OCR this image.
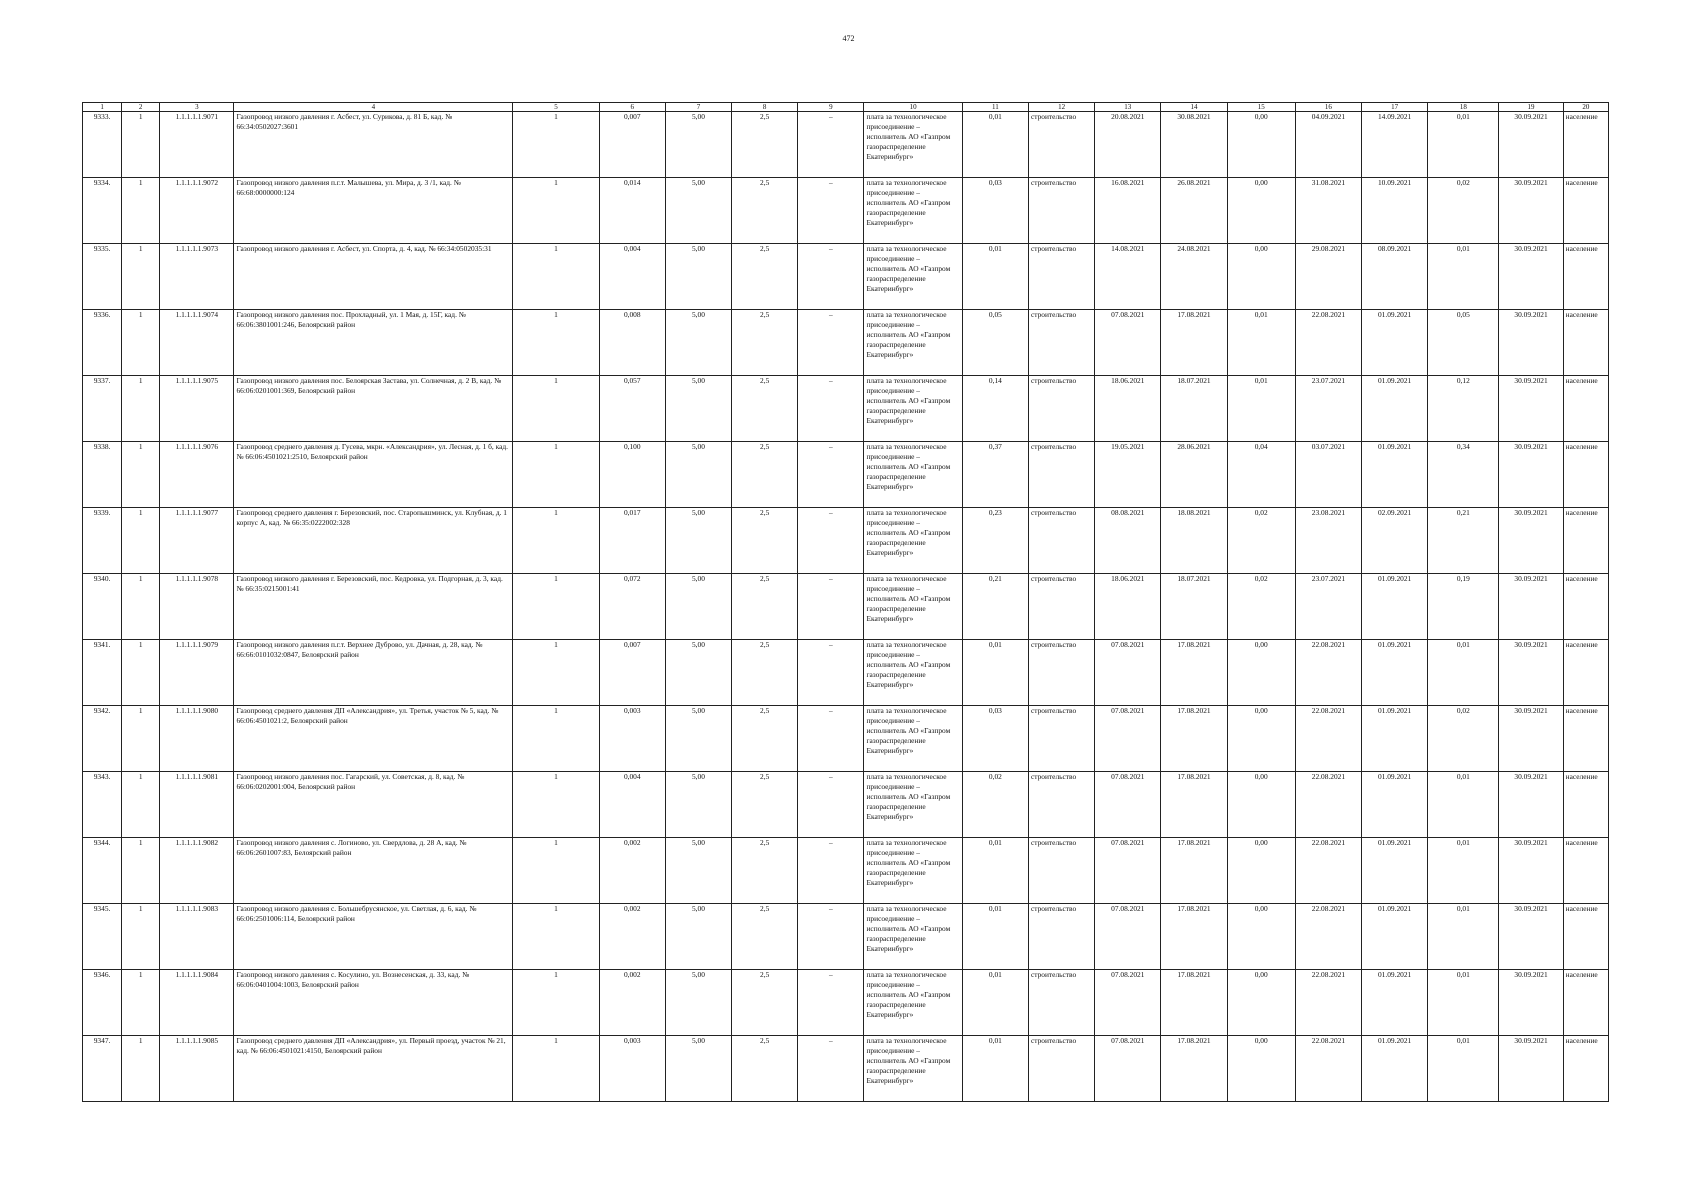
472
1	2	3	4	5	6	7	8	9	10	11	12	13	14	15	16	17	18	19	20
9333.	1	1.1.1.1.1.9071	Газопровод низкого давления г. Асбест, ул. Сурикова, д. 81 Б, кад. № 66:34:0502027:3601	1	0,007	5,00	2,5	–	плата за технологическое присоединение – исполнитель АО «Газпром газораспределение Екатеринбург»	0,01	строительство	20.08.2021	30.08.2021	0,00	04.09.2021	14.09.2021	0,01	30.09.2021	население
9334.	1	1.1.1.1.1.9072	Газопровод низкого давления п.г.т. Малышева, ул. Мира, д. 3 /1, кад. № 66:68:0000000:124	1	0,014	5,00	2,5	–	плата за технологическое присоединение – исполнитель АО «Газпром газораспределение Екатеринбург»	0,03	строительство	16.08.2021	26.08.2021	0,00	31.08.2021	10.09.2021	0,02	30.09.2021	население
9335.	1	1.1.1.1.1.9073	Газопровод низкого давления г. Асбест, ул. Спорта, д. 4, кад. № 66:34:0502035:31	1	0,004	5,00	2,5	–	плата за технологическое присоединение – исполнитель АО «Газпром газораспределение Екатеринбург»	0,01	строительство	14.08.2021	24.08.2021	0,00	29.08.2021	08.09.2021	0,01	30.09.2021	население
9336.	1	1.1.1.1.1.9074	Газопровод низкого давления пос. Прохладный, ул. 1 Мая, д. 15Г, кад. № 66:06:3801001:246, Белоярский район	1	0,008	5,00	2,5	–	плата за технологическое присоединение – исполнитель АО «Газпром газораспределение Екатеринбург»	0,05	строительство	07.08.2021	17.08.2021	0,01	22.08.2021	01.09.2021	0,05	30.09.2021	население
9337.	1	1.1.1.1.1.9075	Газопровод низкого давления пос. Белоярская Застава, ул. Солнечная, д. 2 В, кад. № 66:06:0201001:369, Белоярский район	1	0,057	5,00	2,5	–	плата за технологическое присоединение – исполнитель АО «Газпром газораспределение Екатеринбург»	0,14	строительство	18.06.2021	18.07.2021	0,01	23.07.2021	01.09.2021	0,12	30.09.2021	население
9338.	1	1.1.1.1.1.9076	Газопровод среднего давления д. Гусева, мкрн. «Александрия», ул. Лесная, д. 1 б, кад. № 66:06:4501021:2510, Белоярский район	1	0,100	5,00	2,5	–	плата за технологическое присоединение – исполнитель АО «Газпром газораспределение Екатеринбург»	0,37	строительство	19.05.2021	28.06.2021	0,04	03.07.2021	01.09.2021	0,34	30.09.2021	население
9339.	1	1.1.1.1.1.9077	Газопровод среднего давления г. Березовский, пос. Старопышминск, ул. Клубная, д. 1 корпус А, кад. № 66:35:0222002:328	1	0,017	5,00	2,5	–	плата за технологическое присоединение – исполнитель АО «Газпром газораспределение Екатеринбург»	0,23	строительство	08.08.2021	18.08.2021	0,02	23.08.2021	02.09.2021	0,21	30.09.2021	население
9340.	1	1.1.1.1.1.9078	Газопровод низкого давления г. Березовский, пос. Кедровка, ул. Подгорная, д. 3, кад. № 66:35:0215001:41	1	0,072	5,00	2,5	–	плата за технологическое присоединение – исполнитель АО «Газпром газораспределение Екатеринбург»	0,21	строительство	18.06.2021	18.07.2021	0,02	23.07.2021	01.09.2021	0,19	30.09.2021	население
9341.	1	1.1.1.1.1.9079	Газопровод низкого давления п.г.т. Верхнее Дуброво, ул. Дачная, д. 28, кад. № 66:66:0101032:0847, Белоярский район	1	0,007	5,00	2,5	–	плата за технологическое присоединение – исполнитель АО «Газпром газораспределение Екатеринбург»	0,01	строительство	07.08.2021	17.08.2021	0,00	22.08.2021	01.09.2021	0,01	30.09.2021	население
9342.	1	1.1.1.1.1.9080	Газопровод среднего давления ДП «Александрия», ул. Третья, участок № 5, кад. № 66:06:4501021:2, Белоярский район	1	0,003	5,00	2,5	–	плата за технологическое присоединение – исполнитель АО «Газпром газораспределение Екатеринбург»	0,03	строительство	07.08.2021	17.08.2021	0,00	22.08.2021	01.09.2021	0,02	30.09.2021	население
9343.	1	1.1.1.1.1.9081	Газопровод низкого давления пос. Гагарский, ул. Советская, д. 8, кад. № 66:06:0202001:004, Белоярский район	1	0,004	5,00	2,5	–	плата за технологическое присоединение – исполнитель АО «Газпром газораспределение Екатеринбург»	0,02	строительство	07.08.2021	17.08.2021	0,00	22.08.2021	01.09.2021	0,01	30.09.2021	население
9344.	1	1.1.1.1.1.9082	Газопровод низкого давления с. Логиново, ул. Свердлова, д. 28 А, кад. № 66:06:2601007:83, Белоярский район	1	0,002	5,00	2,5	–	плата за технологическое присоединение – исполнитель АО «Газпром газораспределение Екатеринбург»	0,01	строительство	07.08.2021	17.08.2021	0,00	22.08.2021	01.09.2021	0,01	30.09.2021	население
9345.	1	1.1.1.1.1.9083	Газопровод низкого давления с. Большебрусянское, ул. Светлая, д. 6, кад. № 66:06:2501006:114, Белоярский район	1	0,002	5,00	2,5	–	плата за технологическое присоединение – исполнитель АО «Газпром газораспределение Екатеринбург»	0,01	строительство	07.08.2021	17.08.2021	0,00	22.08.2021	01.09.2021	0,01	30.09.2021	население
9346.	1	1.1.1.1.1.9084	Газопровод низкого давления с. Косулино, ул. Вознесенская, д. 33, кад. № 66:06:0401004:1003, Белоярский район	1	0,002	5,00	2,5	–	плата за технологическое присоединение – исполнитель АО «Газпром газораспределение Екатеринбург»	0,01	строительство	07.08.2021	17.08.2021	0,00	22.08.2021	01.09.2021	0,01	30.09.2021	население
9347.	1	1.1.1.1.1.9085	Газопровод среднего давления ДП «Александрия», ул. Первый проезд, участок № 21, кад. № 66:06:4501021:4150, Белоярский район	1	0,003	5,00	2,5	–	плата за технологическое присоединение – исполнитель АО «Газпром газораспределение Екатеринбург»	0,01	строительство	07.08.2021	17.08.2021	0,00	22.08.2021	01.09.2021	0,01	30.09.2021	население
